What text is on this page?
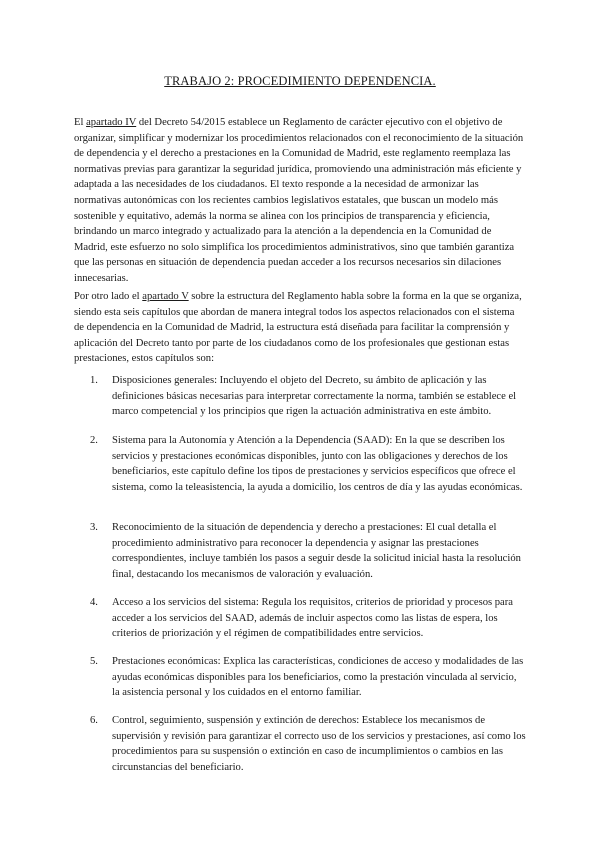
TRABAJO 2: PROCEDIMIENTO DEPENDENCIA.

El apartado IV del Decreto 54/2015 establece un Reglamento de carácter ejecutivo con el objetivo de organizar, simplificar y modernizar los procedimientos relacionados con el reconocimiento de la situación de dependencia y el derecho a prestaciones en la Comunidad de Madrid, este reglamento reemplaza las normativas previas para garantizar la seguridad jurídica, promoviendo una administración más eficiente y adaptada a las necesidades de los ciudadanos. El texto responde a la necesidad de armonizar las normativas autonómicas con los recientes cambios legislativos estatales, que buscan un modelo más sostenible y equitativo, además la norma se alinea con los principios de transparencia y eficiencia, brindando un marco integrado y actualizado para la atención a la dependencia en la Comunidad de Madrid, este esfuerzo no solo simplifica los procedimientos administrativos, sino que también garantiza que las personas en situación de dependencia puedan acceder a los recursos necesarios sin dilaciones innecesarias.

Por otro lado el apartado V sobre la estructura del Reglamento habla sobre la forma en la que se organiza, siendo esta seis capítulos que abordan de manera integral todos los aspectos relacionados con el sistema de dependencia en la Comunidad de Madrid, la estructura está diseñada para facilitar la comprensión y aplicación del Decreto tanto por parte de los ciudadanos como de los profesionales que gestionan estas prestaciones, estos capítulos son:

1.	Disposiciones generales: Incluyendo el objeto del Decreto, su ámbito de aplicación y las definiciones básicas necesarias para interpretar correctamente la norma, también se establece el marco competencial y los principios que rigen la actuación administrativa en este ámbito.
2.	Sistema para la Autonomía y Atención a la Dependencia (SAAD): En la que se describen los servicios y prestaciones económicas disponibles, junto con las obligaciones y derechos de los beneficiarios, este capítulo define los tipos de prestaciones y servicios específicos que ofrece el sistema, como la teleasistencia, la ayuda a domicilio, los centros de día y las ayudas económicas.
3.	Reconocimiento de la situación de dependencia y derecho a prestaciones: El cual detalla el procedimiento administrativo para reconocer la dependencia y asignar las prestaciones correspondientes, incluye también los pasos a seguir desde la solicitud inicial hasta la resolución final, destacando los mecanismos de valoración y evaluación.
4.	Acceso a los servicios del sistema: Regula los requisitos, criterios de prioridad y procesos para acceder a los servicios del SAAD, además de incluir aspectos como las listas de espera, los criterios de priorización y el régimen de compatibilidades entre servicios.
5.	Prestaciones económicas: Explica las características, condiciones de acceso y modalidades de las ayudas económicas disponibles para los beneficiarios, como la prestación vinculada al servicio, la asistencia personal y los cuidados en el entorno familiar.
6.	Control, seguimiento, suspensión y extinción de derechos: Establece los mecanismos de supervisión y revisión para garantizar el correcto uso de los servicios y prestaciones, así como los procedimientos para su suspensión o extinción en caso de incumplimientos o cambios en las circunstancias del beneficiario.
